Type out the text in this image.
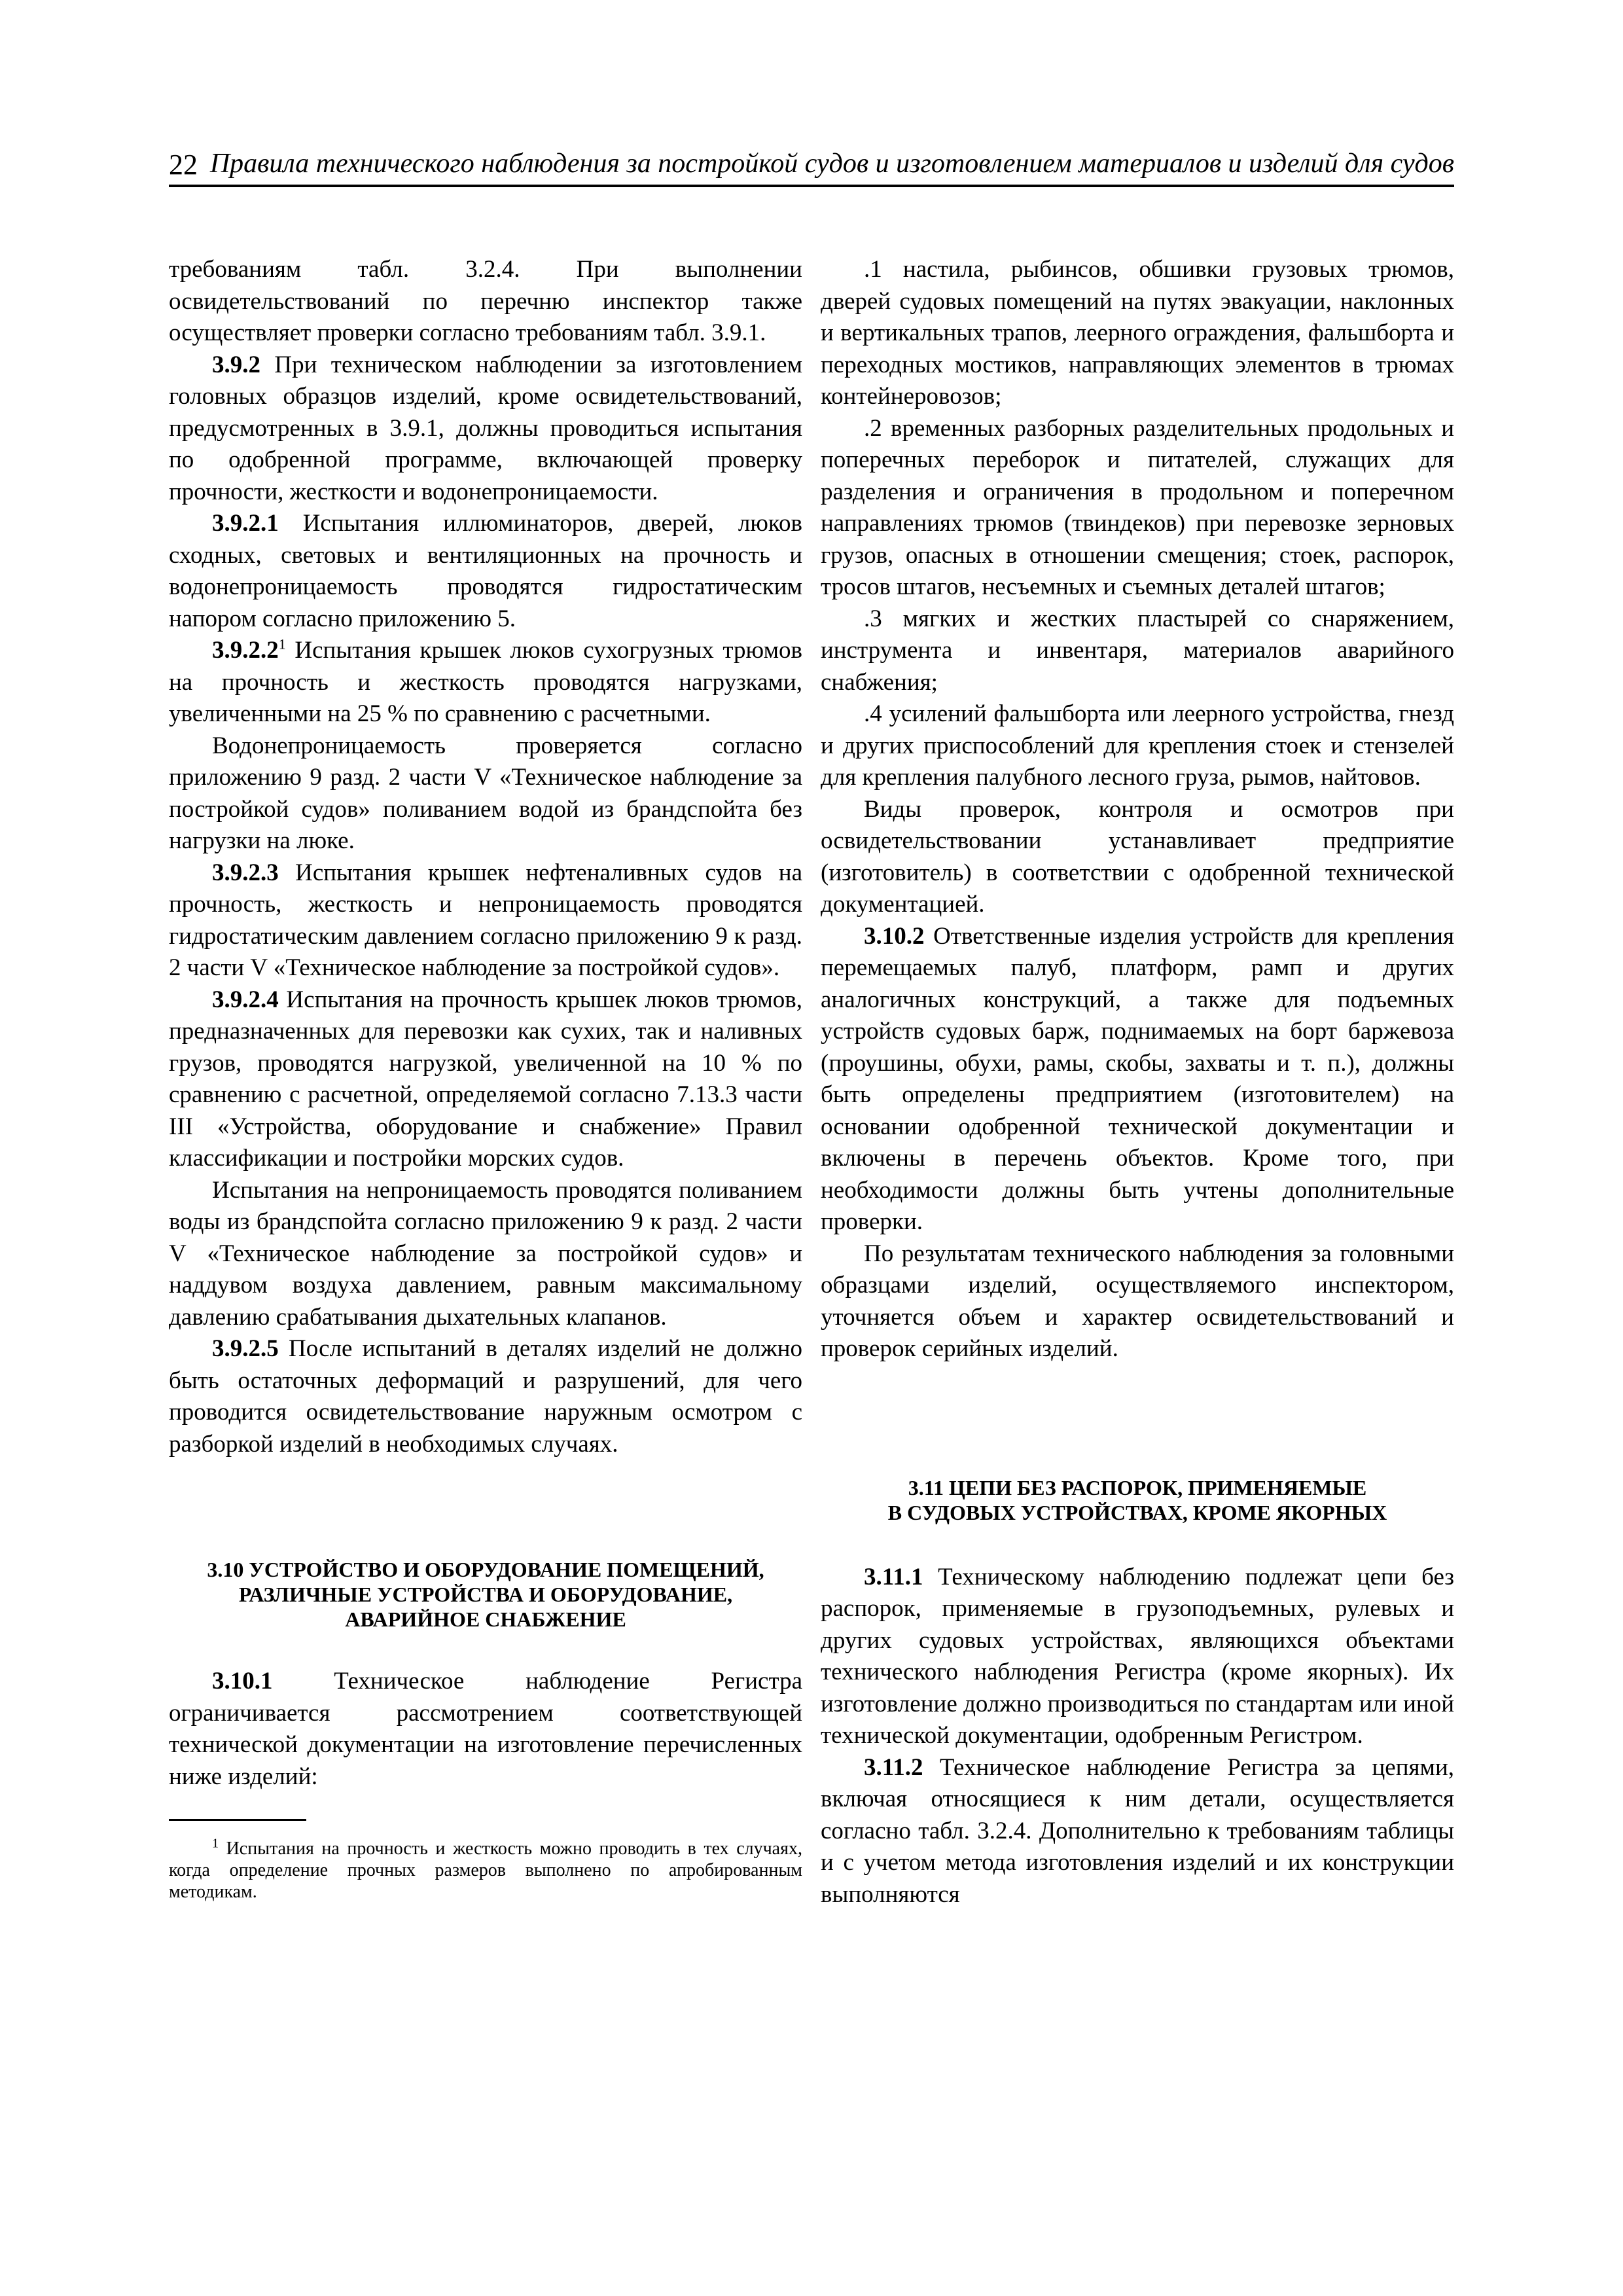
22 Правила технического наблюдения за постройкой судов и изготовлением материалов и изделий для судов

требованиям табл. 3.2.4. При выполнении освидетельствований по перечню инспектор также осуществляет проверки согласно требованиям табл. 3.9.1.

3.9.2 При техническом наблюдении за изготовлением головных образцов изделий, кроме освидетельствований, предусмотренных в 3.9.1, должны проводиться испытания по одобренной программе, включающей проверку прочности, жесткости и водонепроницаемости.

3.9.2.1 Испытания иллюминаторов, дверей, люков сходных, световых и вентиляционных на прочность и водонепроницаемость проводятся гидростатическим напором согласно приложению 5.

3.9.2.2$^1$ Испытания крышек люков сухогрузных трюмов на прочность и жесткость проводятся нагрузками, увеличенными на 25 % по сравнению с расчетными.

Водонепроницаемость проверяется согласно приложению 9 разд. 2 части V «Техническое наблюдение за постройкой судов» поливанием водой из брандспойта без нагрузки на люке.

3.9.2.3 Испытания крышек нефтеналивных судов на прочность, жесткость и непроницаемость проводятся гидростатическим давлением согласно приложению 9 к разд. 2 части V «Техническое наблюдение за постройкой судов».

3.9.2.4 Испытания на прочность крышек люков трюмов, предназначенных для перевозки как сухих, так и наливных грузов, проводятся нагрузкой, увеличенной на 10 % по сравнению с расчетной, определяемой согласно 7.13.3 части III «Устройства, оборудование и снабжение» Правил классификации и постройки морских судов.

Испытания на непроницаемость проводятся поливанием воды из брандспойта согласно приложению 9 к разд. 2 части V «Техническое наблюдение за постройкой судов» и наддувом воздуха давлением, равным максимальному давлению срабатывания дыхательных клапанов.

3.9.2.5 После испытаний в деталях изделий не должно быть остаточных деформаций и разрушений, для чего проводится освидетельствование наружным осмотром с разборкой изделий в необходимых случаях.

3.10 УСТРОЙСТВО И ОБОРУДОВАНИЕ ПОМЕЩЕНИЙ,
РАЗЛИЧНЫЕ УСТРОЙСТВА И ОБОРУДОВАНИЕ,
АВАРИЙНОЕ СНАБЖЕНИЕ

3.10.1 Техническое наблюдение Регистра ограничивается рассмотрением соответствующей технической документации на изготовление перечисленных ниже изделий:

$^1$ Испытания на прочность и жесткость можно проводить в тех случаях, когда определение прочных размеров выполнено по апробированным методикам.

.1 настила, рыбинсов, обшивки грузовых трюмов, дверей судовых помещений на путях эвакуации, наклонных и вертикальных трапов, леерного ограждения, фальшборта и переходных мостиков, направляющих элементов в трюмах контейнеровозов;

.2 временных разборных разделительных продольных и поперечных переборок и питателей, служащих для разделения и ограничения в продольном и поперечном направлениях трюмов (твиндеков) при перевозке зерновых грузов, опасных в отношении смещения; стоек, распорок, тросов штагов, несъемных и съемных деталей штагов;

.3 мягких и жестких пластырей со снаряжением, инструмента и инвентаря, материалов аварийного снабжения;

.4 усилений фальшборта или леерного устройства, гнезд и других приспособлений для крепления стоек и стензелей для крепления палубного лесного груза, рымов, найтовов.

Виды проверок, контроля и осмотров при освидетельствовании устанавливает предприятие (изготовитель) в соответствии с одобренной технической документацией.

3.10.2 Ответственные изделия устройств для крепления перемещаемых палуб, платформ, рамп и других аналогичных конструкций, а также для подъемных устройств судовых барж, поднимаемых на борт баржевоза (проушины, обухи, рамы, скобы, захваты и т. п.), должны быть определены предприятием (изготовителем) на основании одобренной технической документации и включены в перечень объектов. Кроме того, при необходимости должны быть учтены дополнительные проверки.

По результатам технического наблюдения за головными образцами изделий, осуществляемого инспектором, уточняется объем и характер освидетельствований и проверок серийных изделий.

3.11 ЦЕПИ БЕЗ РАСПОРОК, ПРИМЕНЯЕМЫЕ
В СУДОВЫХ УСТРОЙСТВАХ, КРОМЕ ЯКОРНЫХ

3.11.1 Техническому наблюдению подлежат цепи без распорок, применяемые в грузоподъемных, рулевых и других судовых устройствах, являющихся объектами технического наблюдения Регистра (кроме якорных). Их изготовление должно производиться по стандартам или иной технической документации, одобренным Регистром.

3.11.2 Техническое наблюдение Регистра за цепями, включая относящиеся к ним детали, осуществляется согласно табл. 3.2.4. Дополнительно к требованиям таблицы и с учетом метода изготовления изделий и их конструкции выполняются
